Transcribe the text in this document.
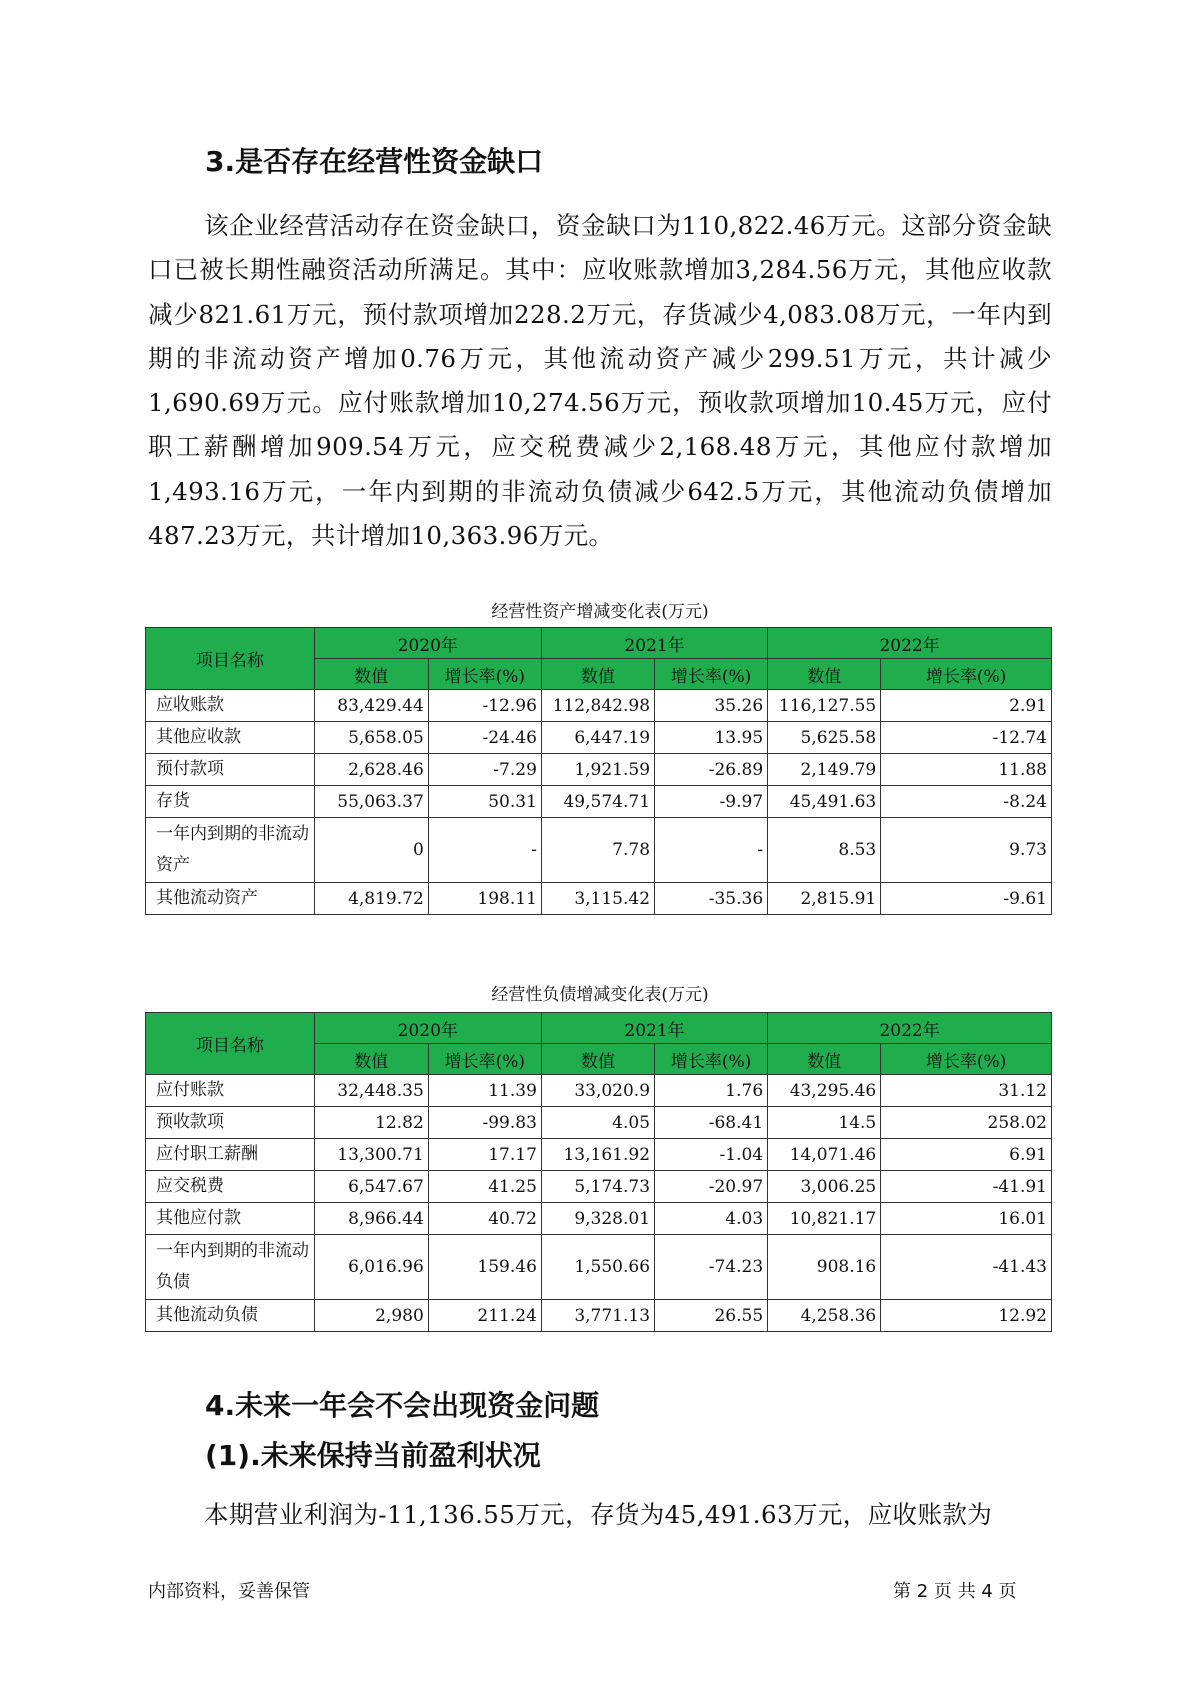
3.是否存在经营性资金缺口

该企业经营活动存在资金缺口，资金缺口为110,822.46万元。这部分资金缺口已被长期性融资活动所满足。其中：应收账款增加3,284.56万元，其他应收款减少821.61万元，预付款项增加228.2万元，存货减少4,083.08万元，一年内到期的非流动资产增加0.76万元，其他流动资产减少299.51万元，共计减少1,690.69万元。应付账款增加10,274.56万元，预收款项增加10.45万元，应付职工薪酬增加909.54万元，应交税费减少2,168.48万元，其他应付款增加1,493.16万元，一年内到期的非流动负债减少642.5万元，其他流动负债增加487.23万元，共计增加10,363.96万元。

经营性资产增减变化表(万元)
项目名称	2020年		2021年		2022年	
	数值	增长率(%)	数值	增长率(%)	数值	增长率(%)
应收账款	83,429.44	-12.96	112,842.98	35.26	116,127.55	2.91
其他应收款	5,658.05	-24.46	6,447.19	13.95	5,625.58	-12.74
预付款项	2,628.46	-7.29	1,921.59	-26.89	2,149.79	11.88
存货	55,063.37	50.31	49,574.71	-9.97	45,491.63	-8.24
一年内到期的非流动资产	0	-	7.78	-	8.53	9.73
其他流动资产	4,819.72	198.11	3,115.42	-35.36	2,815.91	-9.61
经营性负债增减变化表(万元)
项目名称	2020年		2021年		2022年	
	数值	增长率(%)	数值	增长率(%)	数值	增长率(%)
应付账款	32,448.35	11.39	33,020.9	1.76	43,295.46	31.12
预收款项	12.82	-99.83	4.05	-68.41	14.5	258.02
应付职工薪酬	13,300.71	17.17	13,161.92	-1.04	14,071.46	6.91
应交税费	6,547.67	41.25	5,174.73	-20.97	3,006.25	-41.91
其他应付款	8,966.44	40.72	9,328.01	4.03	10,821.17	16.01
一年内到期的非流动负债	6,016.96	159.46	1,550.66	-74.23	908.16	-41.43
其他流动负债	2,980	211.24	3,771.13	26.55	4,258.36	12.92
4.未来一年会不会出现资金问题
(1).未来保持当前盈利状况

本期营业利润为-11,136.55万元，存货为45,491.63万元，应收账款为

内部资料，妥善保管	第 2 页 共 4 页
